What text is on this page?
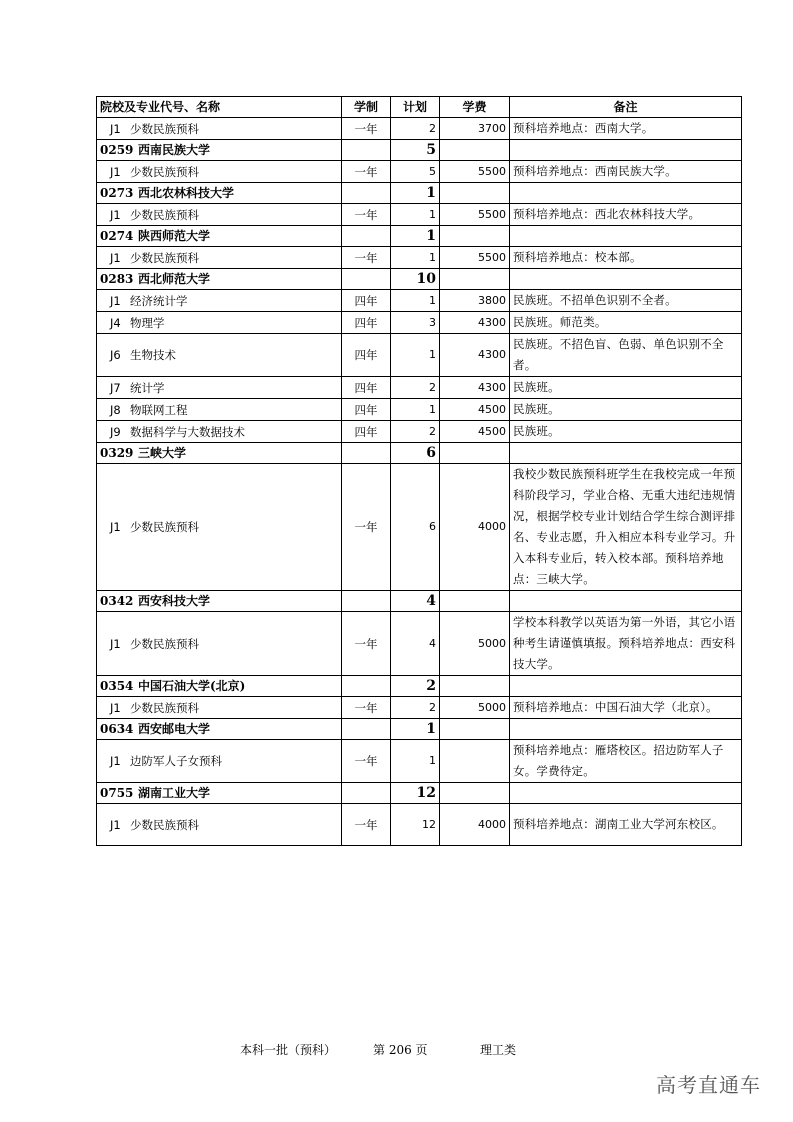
院校及专业代号、名称	学制	计划	学费	备注
J1 少数民族预科	一年	2	3700	预科培养地点：西南大学。

0259 西南民族大学		5		
J1 少数民族预科	一年	5	5500	预科培养地点：西南民族大学。

0273 西北农林科技大学		1		
J1 少数民族预科	一年	1	5500	预科培养地点：西北农林科技大学。

0274 陕西师范大学		1		
J1 少数民族预科	一年	1	5500	预科培养地点：校本部。

0283 西北师范大学		10		
J1 经济统计学	四年	1	3800	民族班。不招单色识别不全者。

J4 物理学	四年	3	4300	民族班。师范类。

J6 生物技术	四年	1	4300	民族班。不招色盲、色弱、单色识别不全者。

J7 统计学	四年	2	4300	民族班。

J8 物联网工程	四年	1	4500	民族班。

J9 数据科学与大数据技术	四年	2	4500	民族班。

0329 三峡大学		6		
J1 少数民族预科	一年	6	4000	我校少数民族预科班学生在我校完成一年预科阶段学习，学业合格、无重大违纪违规情况，根据学校专业计划结合学生综合测评排名、专业志愿，升入相应本科专业学习。升入本科专业后，转入校本部。预科培养地点：三峡大学。

0342 西安科技大学		4		
J1 少数民族预科	一年	4	5000	学校本科教学以英语为第一外语，其它小语种考生请谨慎填报。预科培养地点：西安科技大学。

0354 中国石油大学(北京)		2		
J1 少数民族预科	一年	2	5000	预科培养地点：中国石油大学（北京）。

0634 西安邮电大学		1		
J1 边防军人子女预科	一年	1		预科培养地点：雁塔校区。招边防军人子女。学费待定。

0755 湖南工业大学		12		
J1 少数民族预科	一年	12	4000	预科培养地点：湖南工业大学河东校区。
本科一批（预科）	第 206 页	理工类
高考直通车
